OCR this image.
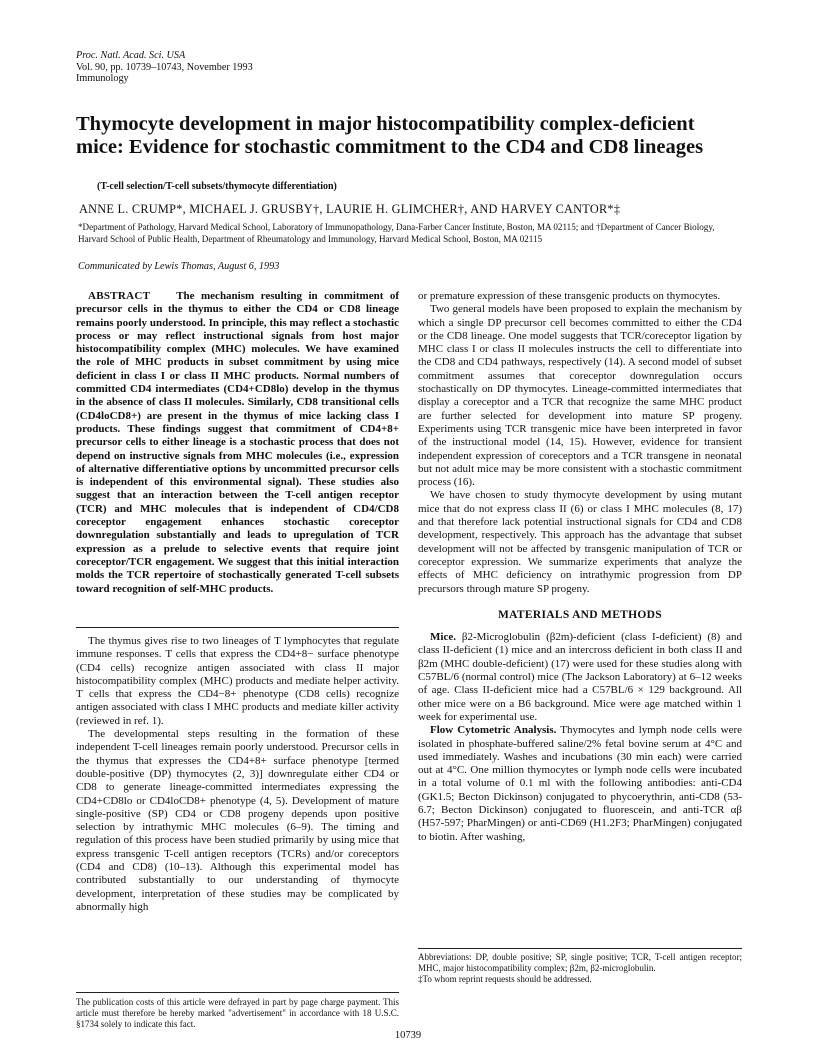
Proc. Natl. Acad. Sci. USA
Vol. 90, pp. 10739–10743, November 1993
Immunology
Thymocyte development in major histocompatibility complex-deficient mice: Evidence for stochastic commitment to the CD4 and CD8 lineages
(T-cell selection/T-cell subsets/thymocyte differentiation)
ANNE L. CRUMP*, MICHAEL J. GRUSBY†, LAURIE H. GLIMCHER†, AND HARVEY CANTOR*‡
*Department of Pathology, Harvard Medical School, Laboratory of Immunopathology, Dana-Farber Cancer Institute, Boston, MA 02115; and †Department of Cancer Biology, Harvard School of Public Health, Department of Rheumatology and Immunology, Harvard Medical School, Boston, MA 02115
Communicated by Lewis Thomas, August 6, 1993

ABSTRACT The mechanism resulting in commitment of precursor cells in the thymus to either the CD4 or CD8 lineage remains poorly understood. In principle, this may reflect a stochastic process or may reflect instructional signals from host major histocompatibility complex (MHC) molecules. We have examined the role of MHC products in subset commitment by using mice deficient in class I or class II MHC products. Normal numbers of committed CD4 intermediates (CD4+CD8lo) develop in the thymus in the absence of class II molecules. Similarly, CD8 transitional cells (CD4loCD8+) are present in the thymus of mice lacking class I products. These findings suggest that commitment of CD4+8+ precursor cells to either lineage is a stochastic process that does not depend on instructive signals from MHC molecules (i.e., expression of alternative differentiative options by uncommitted precursor cells is independent of this environmental signal). These studies also suggest that an interaction between the T-cell antigen receptor (TCR) and MHC molecules that is independent of CD4/CD8 coreceptor engagement enhances stochastic coreceptor downregulation substantially and leads to upregulation of TCR expression as a prelude to selective events that require joint coreceptor/TCR engagement. We suggest that this initial interaction molds the TCR repertoire of stochastically generated T-cell subsets toward recognition of self-MHC products.

The thymus gives rise to two lineages of T lymphocytes that regulate immune responses. T cells that express the CD4+8− surface phenotype (CD4 cells) recognize antigen associated with class II major histocompatibility complex (MHC) products and mediate helper activity. T cells that express the CD4−8+ phenotype (CD8 cells) recognize antigen associated with class I MHC products and mediate killer activity (reviewed in ref. 1).

The developmental steps resulting in the formation of these independent T-cell lineages remain poorly understood. Precursor cells in the thymus that expresses the CD4+8+ surface phenotype [termed double-positive (DP) thymocytes (2, 3)] downregulate either CD4 or CD8 to generate lineage-committed intermediates expressing the CD4+CD8lo or CD4loCD8+ phenotype (4, 5). Development of mature single-positive (SP) CD4 or CD8 progeny depends upon positive selection by intrathymic MHC molecules (6–9). The timing and regulation of this process have been studied primarily by using mice that express transgenic T-cell antigen receptors (TCRs) and/or coreceptors (CD4 and CD8) (10–13). Although this experimental model has contributed substantially to our understanding of thymocyte development, interpretation of these studies may be complicated by abnormally high

The publication costs of this article were defrayed in part by page charge payment. This article must therefore be hereby marked "advertisement" in accordance with 18 U.S.C. §1734 solely to indicate this fact.

or premature expression of these transgenic products on thymocytes.

Two general models have been proposed to explain the mechanism by which a single DP precursor cell becomes committed to either the CD4 or the CD8 lineage. One model suggests that TCR/coreceptor ligation by MHC class I or class II molecules instructs the cell to differentiate into the CD8 and CD4 pathways, respectively (14). A second model of subset commitment assumes that coreceptor downregulation occurs stochastically on DP thymocytes. Lineage-committed intermediates that display a coreceptor and a TCR that recognize the same MHC product are further selected for development into mature SP progeny. Experiments using TCR transgenic mice have been interpreted in favor of the instructional model (14, 15). However, evidence for transient independent expression of coreceptors and a TCR transgene in neonatal but not adult mice may be more consistent with a stochastic commitment process (16).

We have chosen to study thymocyte development by using mutant mice that do not express class II (6) or class I MHC molecules (8, 17) and that therefore lack potential instructional signals for CD4 and CD8 development, respectively. This approach has the advantage that subset development will not be affected by transgenic manipulation of TCR or coreceptor expression. We summarize experiments that analyze the effects of MHC deficiency on intrathymic progression from DP precursors through mature SP progeny.

MATERIALS AND METHODS

Mice. β2-Microglobulin (β2m)-deficient (class I-deficient) (8) and class II-deficient (1) mice and an intercross deficient in both class II and β2m (MHC double-deficient) (17) were used for these studies along with C57BL/6 (normal control) mice (The Jackson Laboratory) at 6–12 weeks of age. Class II-deficient mice had a C57BL/6 × 129 background. All other mice were on a B6 background. Mice were age matched within 1 week for experimental use.

Flow Cytometric Analysis. Thymocytes and lymph node cells were isolated in phosphate-buffered saline/2% fetal bovine serum at 4°C and used immediately. Washes and incubations (30 min each) were carried out at 4°C. One million thymocytes or lymph node cells were incubated in a total volume of 0.1 ml with the following antibodies: anti-CD4 (GK1.5; Becton Dickinson) conjugated to phycoerythrin, anti-CD8 (53-6.7; Becton Dickinson) conjugated to fluorescein, and anti-TCR αβ (H57-597; PharMingen) or anti-CD69 (H1.2F3; PharMingen) conjugated to biotin. After washing,

Abbreviations: DP, double positive; SP, single positive; TCR, T-cell antigen receptor; MHC, major histocompatibility complex; β2m, β2-microglobulin.
‡To whom reprint requests should be addressed.
10739
